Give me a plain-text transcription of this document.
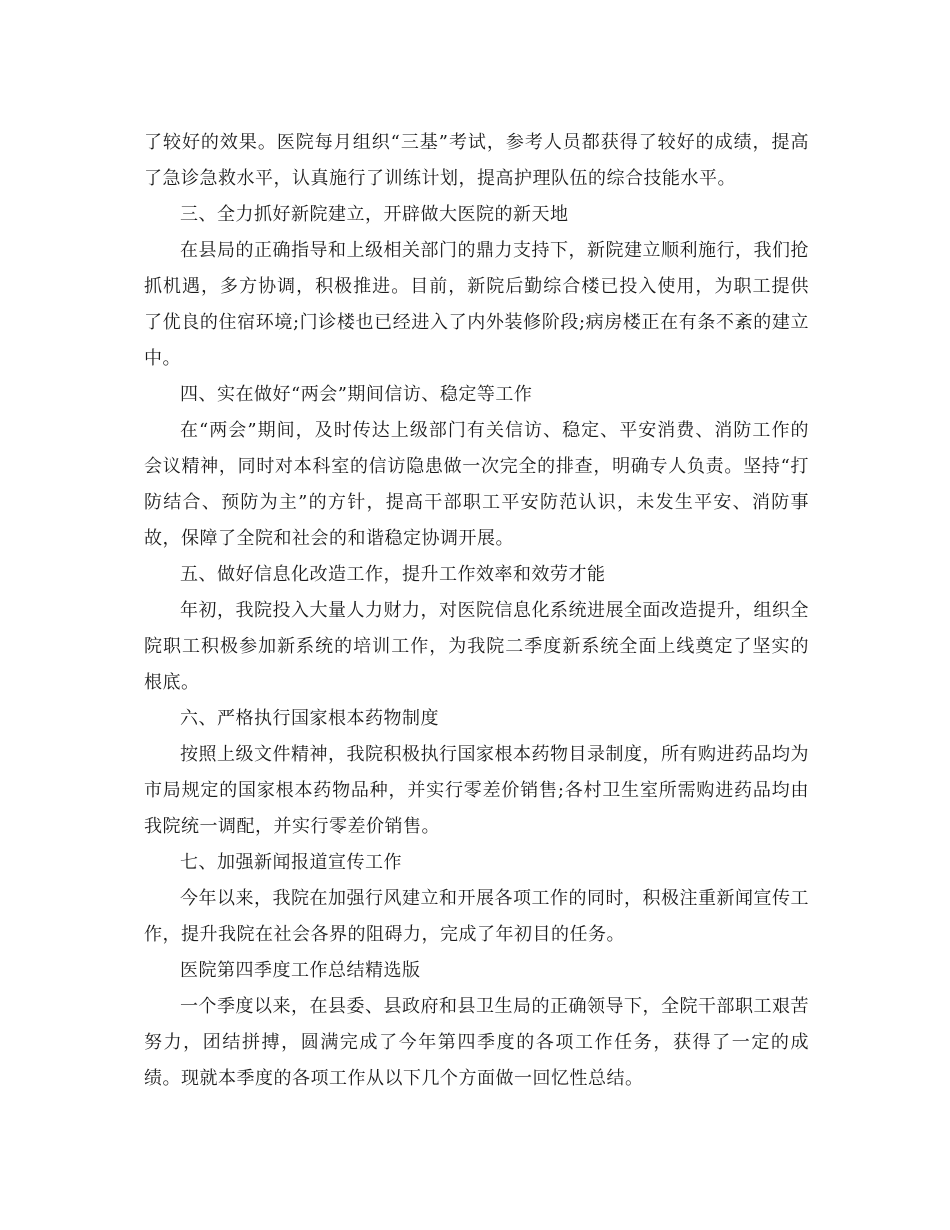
了较好的效果。医院每月组织“三基”考试，参考人员都获得了较好的成绩，提高了急诊急救水平，认真施行了训练计划，提高护理队伍的综合技能水平。

三、全力抓好新院建立，开辟做大医院的新天地

在县局的正确指导和上级相关部门的鼎力支持下，新院建立顺利施行，我们抢抓机遇，多方协调，积极推进。目前，新院后勤综合楼已投入使用，为职工提供了优良的住宿环境;门诊楼也已经进入了内外装修阶段;病房楼正在有条不紊的建立中。

四、实在做好“两会”期间信访、稳定等工作

在“两会”期间，及时传达上级部门有关信访、稳定、平安消费、消防工作的会议精神，同时对本科室的信访隐患做一次完全的排查，明确专人负责。坚持“打防结合、预防为主”的方针，提高干部职工平安防范认识，未发生平安、消防事故，保障了全院和社会的和谐稳定协调开展。

五、做好信息化改造工作，提升工作效率和效劳才能

年初，我院投入大量人力财力，对医院信息化系统进展全面改造提升，组织全院职工积极参加新系统的培训工作，为我院二季度新系统全面上线奠定了坚实的根底。

六、严格执行国家根本药物制度

按照上级文件精神，我院积极执行国家根本药物目录制度，所有购进药品均为市局规定的国家根本药物品种，并实行零差价销售;各村卫生室所需购进药品均由我院统一调配，并实行零差价销售。

七、加强新闻报道宣传工作

今年以来，我院在加强行风建立和开展各项工作的同时，积极注重新闻宣传工作，提升我院在社会各界的阻碍力，完成了年初目的任务。

医院第四季度工作总结精选版

一个季度以来，在县委、县政府和县卫生局的正确领导下，全院干部职工艰苦努力，团结拼搏，圆满完成了今年第四季度的各项工作任务，获得了一定的成绩。现就本季度的各项工作从以下几个方面做一回忆性总结。
